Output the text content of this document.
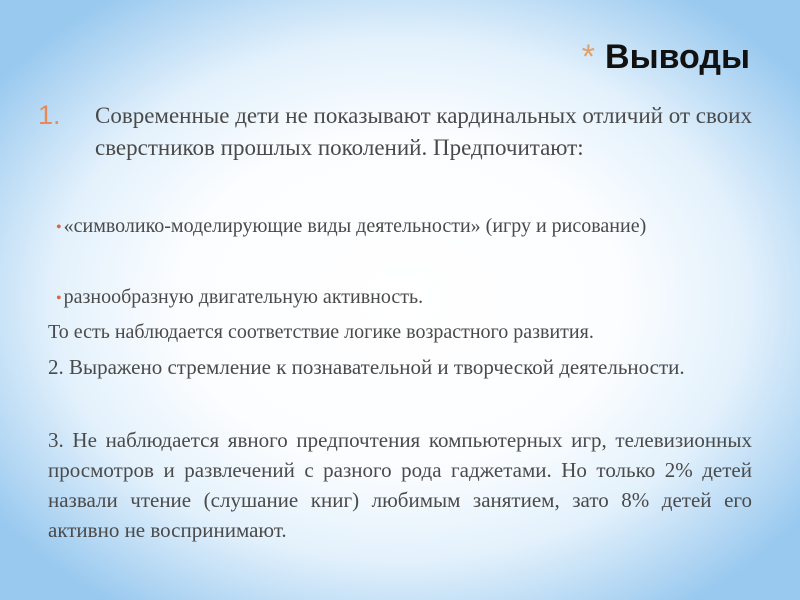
* Выводы
1. Современные дети не показывают кардинальных отличий от своих сверстников прошлых поколений. Предпочитают:
• «символико-моделирующие виды деятельности» (игру и рисование)
• разнообразную двигательную активность.
То есть наблюдается соответствие логике возрастного развития.
2. Выражено стремление к познавательной и творческой деятельности.
3. Не наблюдается явного предпочтения компьютерных игр, телевизионных просмотров и развлечений с разного рода гаджетами. Но только 2% детей назвали чтение (слушание книг) любимым занятием, зато 8% детей его активно не воспринимают.
